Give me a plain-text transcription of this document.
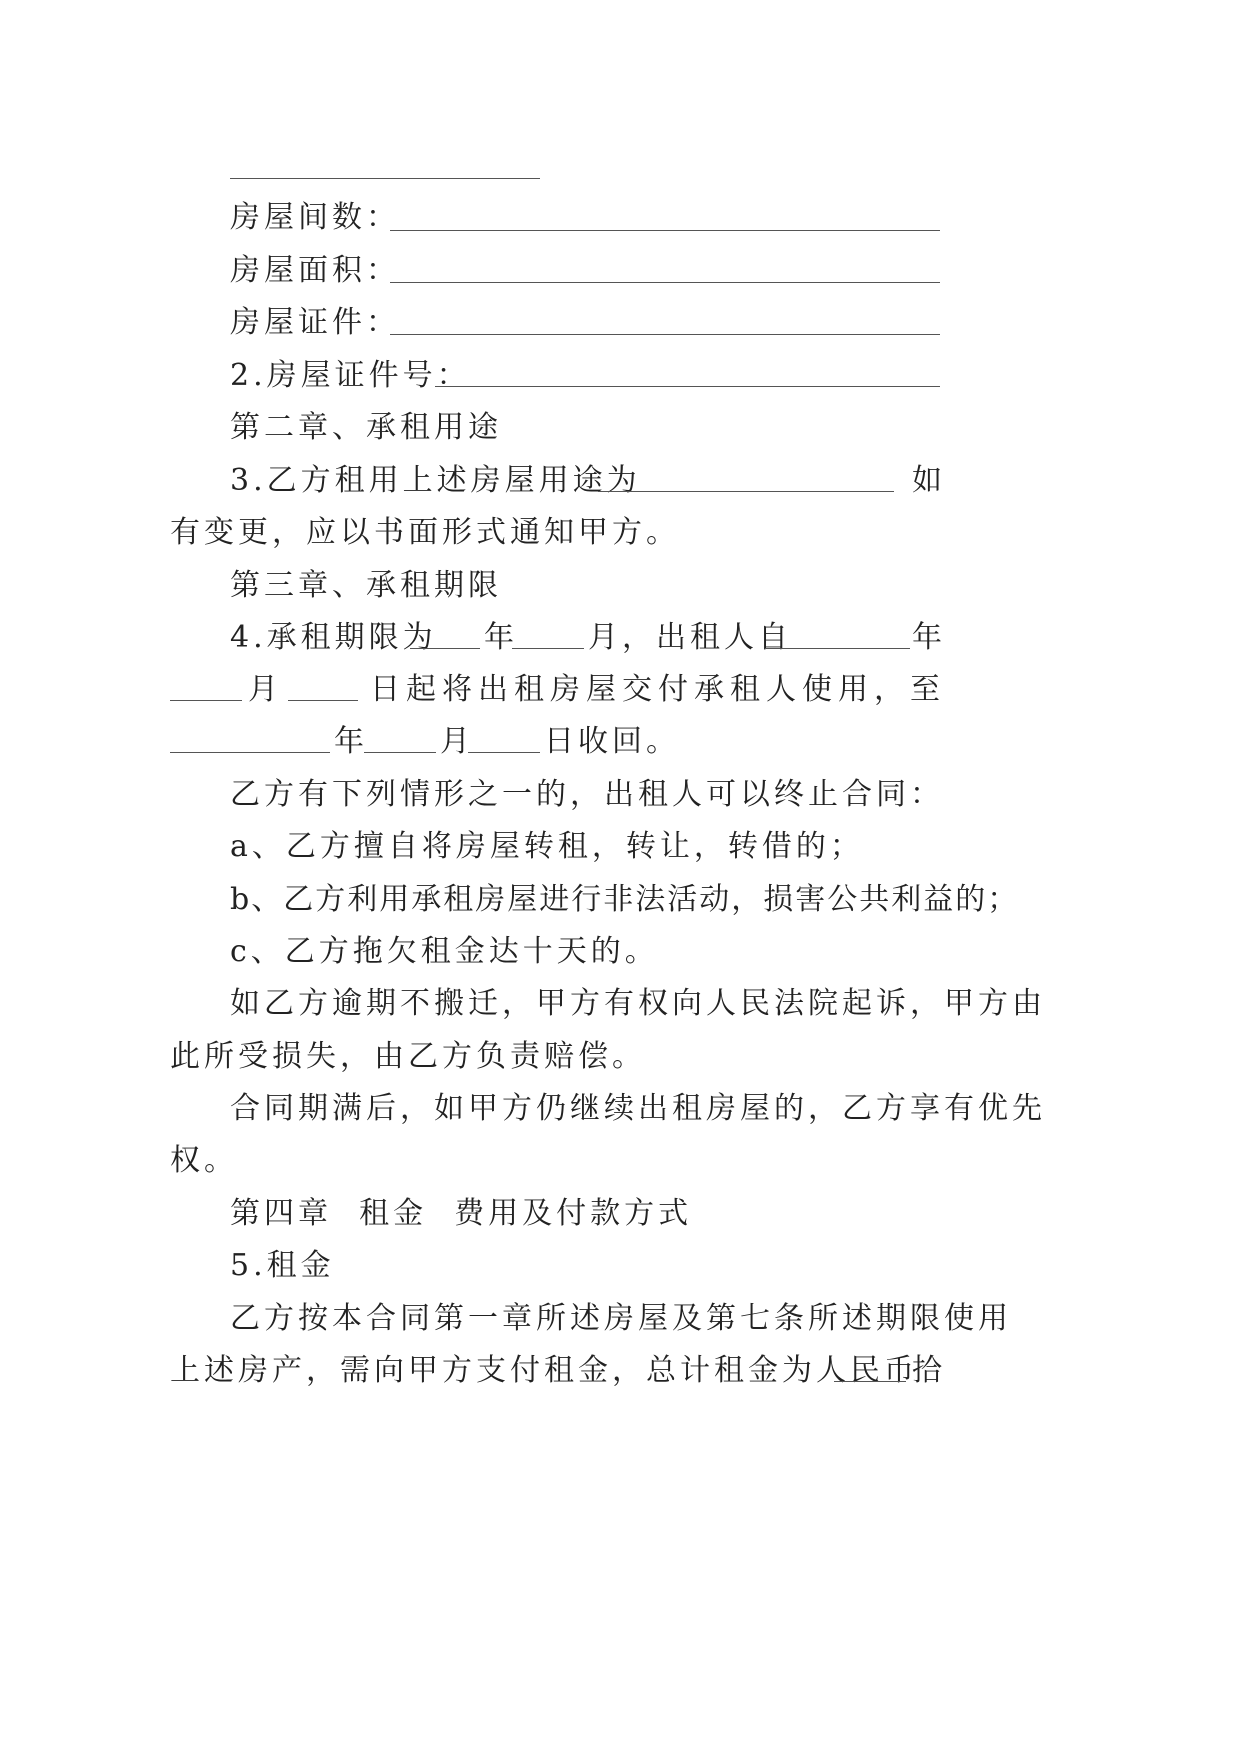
房屋间数：
房屋面积：
房屋证件：
2.房屋证件号：
第二章、承租用途
3.乙方租用上述房屋用途为	如
有变更，应以书面形式通知甲方。
第三章、承租期限
4.承租期限为 年 月，出租人自	年
月	日 起 将 出 租 房 屋 交 付 承 租 人 使 用 ， 至
年 月 日收回。
乙方有下列情形之一的，出租人可以终止合同：
a、乙方擅自将房屋转租，转让，转借的；
b、乙方利用承租房屋进行非法活动，损害公共利益的；
c、乙方拖欠租金达十天的。
如乙方逾期不搬迁，甲方有权向人民法院起诉，甲方由
此所受损失，由乙方负责赔偿。
合同期满后，如甲方仍继续出租房屋的，乙方享有优先
权。
第四章  租金  费用及付款方式
5.租金
乙方按本合同第一章所述房屋及第七条所述期限使用
上述房产，需向甲方支付租金，总计租金为人民币
拾
